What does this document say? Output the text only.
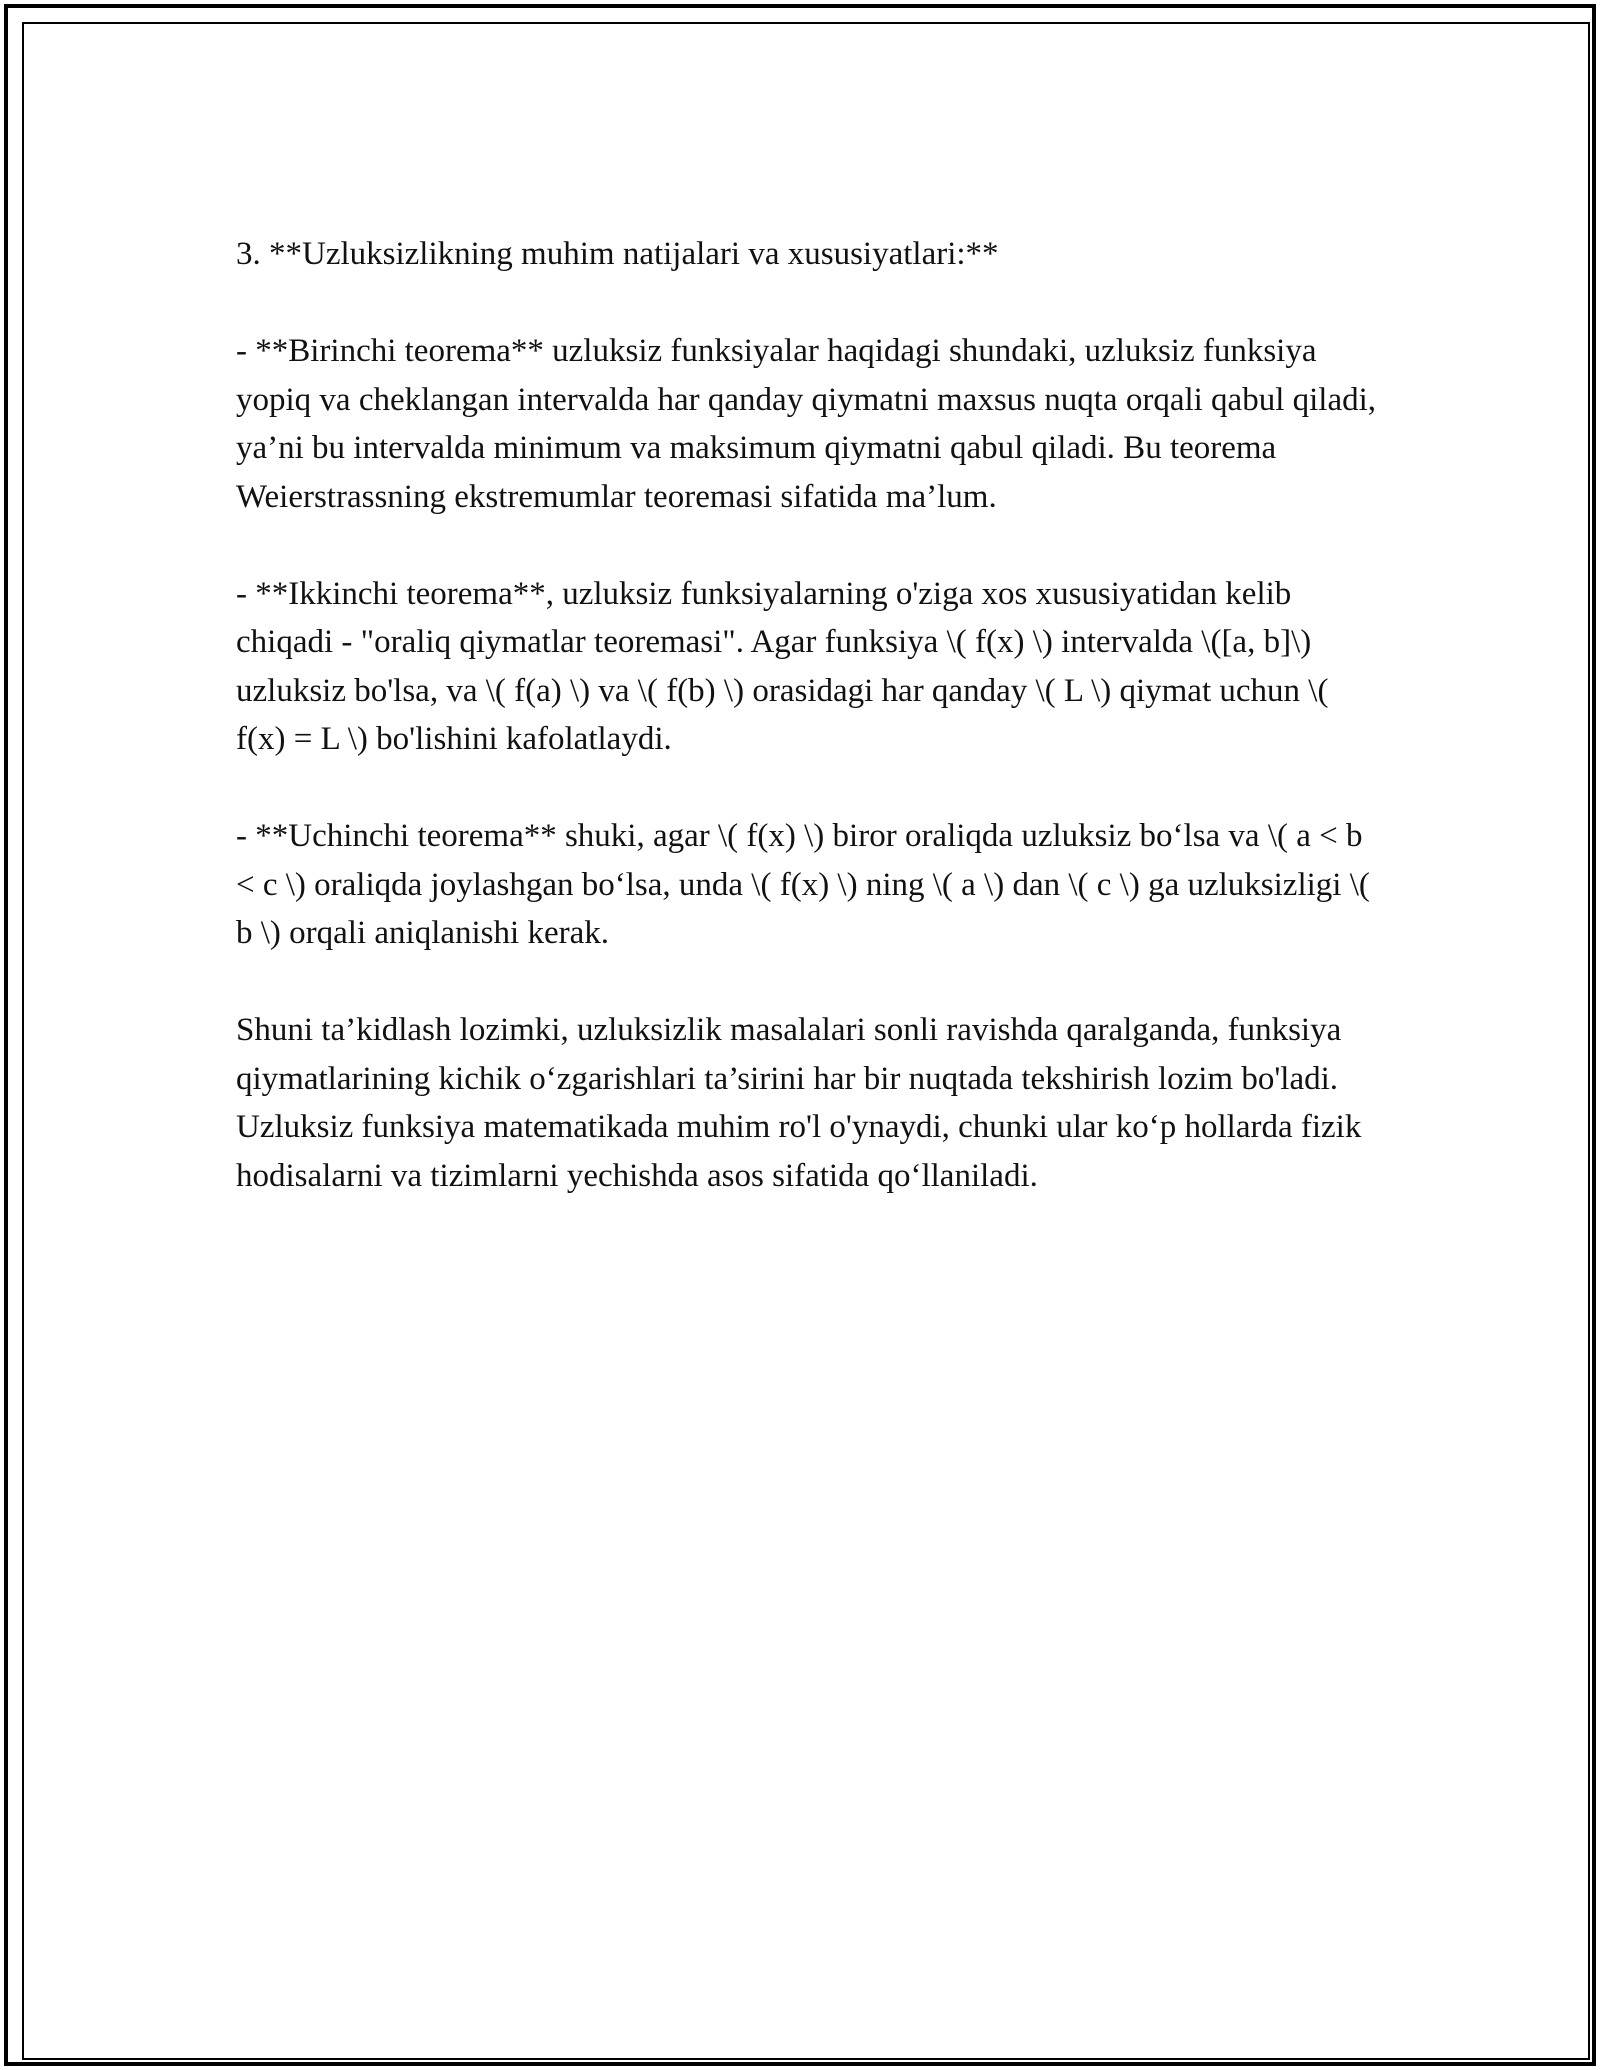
3. **Uzluksizlikning muhim natijalari va xususiyatlari:**

- **Birinchi teorema** uzluksiz funksiyalar haqidagi shundaki, uzluksiz funksiya yopiq va cheklangan intervalda har qanday qiymatni maxsus nuqta orqali qabul qiladi, ya’ni bu intervalda minimum va maksimum qiymatni qabul qiladi. Bu teorema Weierstrassning ekstremumlar teoremasi sifatida ma’lum.

- **Ikkinchi teorema**, uzluksiz funksiyalarning o'ziga xos xususiyatidan kelib chiqadi - "oraliq qiymatlar teoremasi". Agar funksiya \( f(x) \) intervalda \([a, b]\) uzluksiz bo'lsa, va \( f(a) \) va \( f(b) \) orasidagi har qanday \( L \) qiymat uchun \( f(x) = L \) bo'lishini kafolatlaydi.

- **Uchinchi teorema** shuki, agar \( f(x) \) biror oraliqda uzluksiz bo‘lsa va \( a < b < c \) oraliqda joylashgan bo‘lsa, unda \( f(x) \) ning \( a \) dan \( c \) ga uzluksizligi \( b \) orqali aniqlanishi kerak.

Shuni ta’kidlash lozimki, uzluksizlik masalalari sonli ravishda qaralganda, funksiya qiymatlarining kichik o‘zgarishlari ta’sirini har bir nuqtada tekshirish lozim bo'ladi. Uzluksiz funksiya matematikada muhim ro'l o'ynaydi, chunki ular ko‘p hollarda fizik hodisalarni va tizimlarni yechishda asos sifatida qo‘llaniladi.
